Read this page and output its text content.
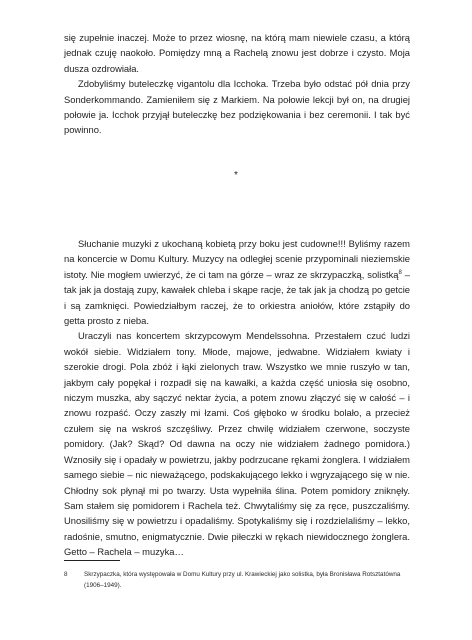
się zupełnie inaczej. Może to przez wiosnę, na którą mam niewiele czasu, a którą jednak czuję naokoło. Pomiędzy mną a Rachelą znowu jest dobrze i czysto. Moja dusza ozdrowiała.

Zdobyliśmy buteleczkę vigantolu dla Icchoka. Trzeba było odstać pół dnia przy Sonderkommando. Zamieniłem się z Markiem. Na połowie lekcji był on, na drugiej połowie ja. Icchok przyjął buteleczkę bez podziękowania i bez ceremonii. I tak być powinno.

*

Słuchanie muzyki z ukochaną kobietą przy boku jest cudowne!!! Byliśmy razem na koncercie w Domu Kultury. Muzycy na odległej scenie przypominali nieziemskie istoty. Nie mogłem uwierzyć, że ci tam na górze – wraz ze skrzypaczką, solistką$^8$ – tak jak ja dostają zupy, kawałek chleba i skąpe racje, że tak jak ja chodzą po getcie i są zamknięci. Powiedziałbym raczej, że to orkiestra aniołów, które zstąpiły do getta prosto z nieba.

Uraczyli nas koncertem skrzypcowym Mendelssohna. Przestałem czuć ludzi wokół siebie. Widziałem tony. Młode, majowe, jedwabne. Widziałem kwiaty i szerokie drogi. Pola zbóż i łąki zielonych traw. Wszystko we mnie ruszyło w tan, jakbym cały popękał i rozpadł się na kawałki, a każda część uniosła się osobno, niczym muszka, aby sączyć nektar życia, a potem znowu złączyć się w całość – i znowu rozpaść. Oczy zaszły mi łzami. Coś głęboko w środku bolało, a przecież czułem się na wskroś szczęśliwy. Przez chwilę widziałem czerwone, soczyste pomidory. (Jak? Skąd? Od dawna na oczy nie widziałem żadnego pomidora.) Wznosiły się i opadały w powietrzu, jakby podrzucane rękami żonglera. I widziałem samego siebie – nic nieważącego, podskakującego lekko i wgryzającego się w nie. Chłodny sok płynął mi po twarzy. Usta wypełniła ślina. Potem pomidory zniknęły. Sam stałem się pomidorem i Rachela też. Chwytaliśmy się za ręce, puszczaliśmy. Unosiliśmy się w powietrzu i opadaliśmy. Spotykaliśmy się i rozdzielaliśmy – lekko, radośnie, smutno, enigmatycznie. Dwie piłeczki w rękach niewidocznego żonglera. Getto – Rachela – muzyka…

8	Skrzypaczka, która występowała w Domu Kultury przy ul. Krawieckiej jako solistka, była Bronisława Rotsztatówna (1906–1949).
